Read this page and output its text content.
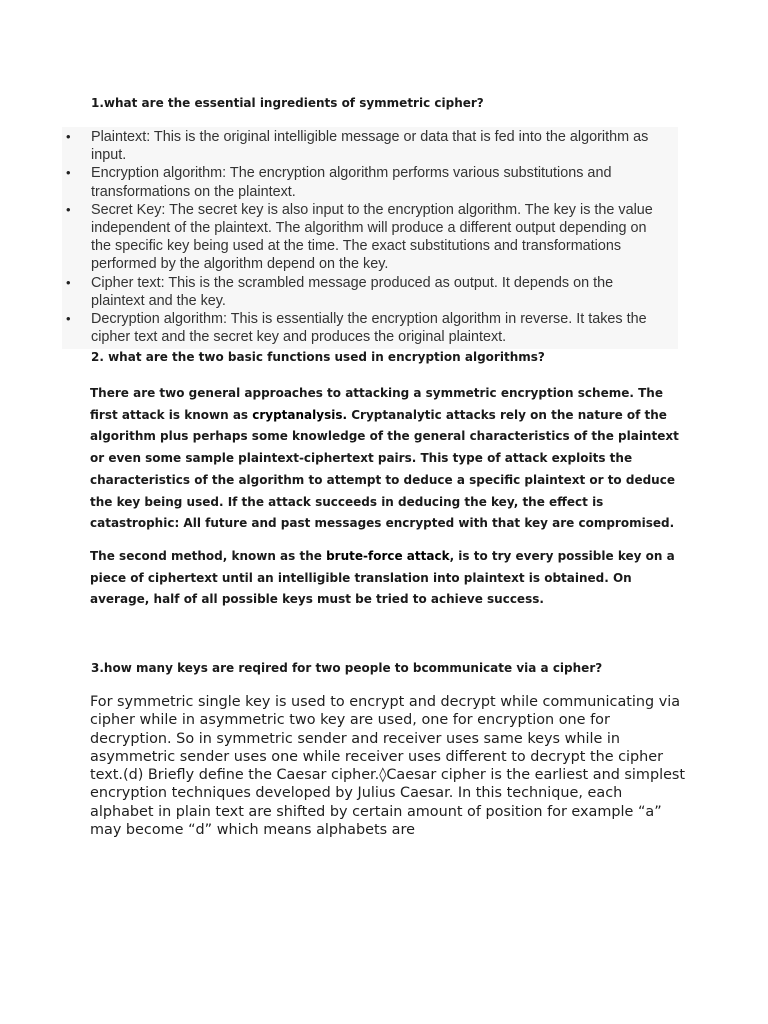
1.what are the essential ingredients of symmetric cipher?
• Plaintext: This is the original intelligible message or data that is fed into the algorithm as input.
• Encryption algorithm: The encryption algorithm performs various substitutions and transformations on the plaintext.
• Secret Key: The secret key is also input to the encryption algorithm. The key is the value independent of the plaintext. The algorithm will produce a different output depending on the specific key being used at the time. The exact substitutions and transformations performed by the algorithm depend on the key.
• Cipher text: This is the scrambled message produced as output. It depends on the plaintext and the key.
• Decryption algorithm: This is essentially the encryption algorithm in reverse. It takes the cipher text and the secret key and produces the original plaintext.
2. what are the two basic functions used in encryption algorithms?

There are two general approaches to attacking a symmetric encryption scheme. The first attack is known as cryptanalysis. Cryptanalytic attacks rely on the nature of the algorithm plus perhaps some knowledge of the general characteristics of the plaintext or even some sample plaintext-ciphertext pairs. This type of attack exploits the characteristics of the algorithm to attempt to deduce a specific plaintext or to deduce the key being used. If the attack succeeds in deducing the key, the effect is catastrophic: All future and past messages encrypted with that key are compromised.

The second method, known as the brute-force attack, is to try every possible key on a piece of ciphertext until an intelligible translation into plaintext is obtained. On average, half of all possible keys must be tried to achieve success.

3.how many keys are reqired for two people to bcommunicate via a cipher?

For symmetric single key is used to encrypt and decrypt while communicating via cipher while in asymmetric two key are used, one for encryption one for decryption. So in symmetric sender and receiver uses same keys while in asymmetric sender uses one while receiver uses different to decrypt the cipher text.(d) Briefly define the Caesar cipher.◊Caesar cipher is the earliest and simplest encryption techniques developed by Julius Caesar. In this technique, each alphabet in plain text are shifted by certain amount of position for example “a” may become “d” which means alphabets are
